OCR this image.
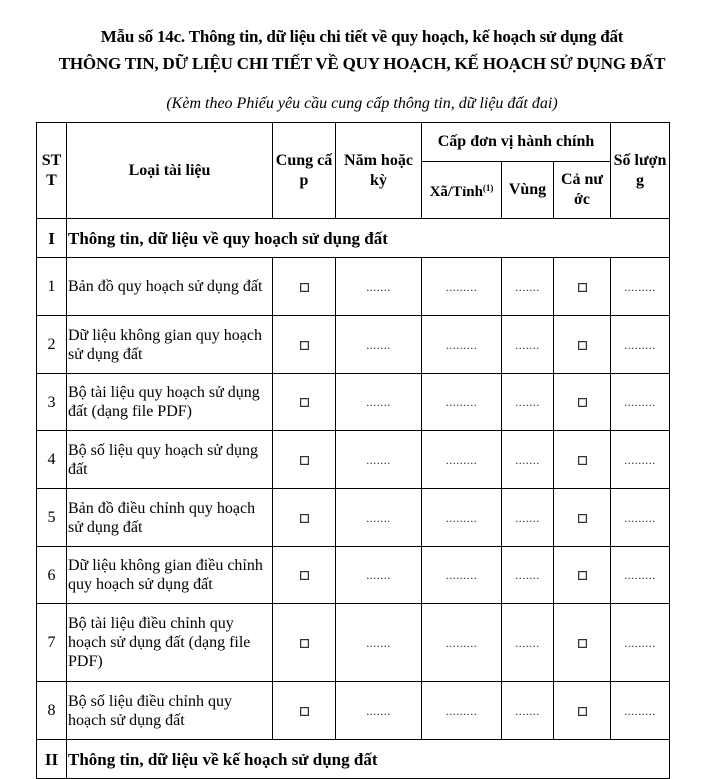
Mẫu số 14c. Thông tin, dữ liệu chi tiết về quy hoạch, kế hoạch sử dụng đất
THÔNG TIN, DỮ LIỆU CHI TIẾT VỀ QUY HOẠCH, KẾ HOẠCH SỬ DỤNG ĐẤT
(Kèm theo Phiếu yêu cầu cung cấp thông tin, dữ liệu đất đai)
STT	Loại tài liệu	Cung cấp	Năm hoặc kỳ	Cấp đơn vị hành chính			Số lượng
				Xã/Tỉnh$^{(1)}$	Vùng	Cả nước	
I	Thông tin, dữ liệu về quy hoạch sử dụng đất						
1	Bản đồ quy hoạch sử dụng đất		.......	.........	.......		.........
2	Dữ liệu không gian quy hoạch sử dụng đất		.......	.........	.......		.........
3	Bộ tài liệu quy hoạch sử dụng đất (dạng file PDF)		.......	.........	.......		.........
4	Bộ số liệu quy hoạch sử dụng đất		.......	.........	.......		.........
5	Bản đồ điều chỉnh quy hoạch sử dụng đất		.......	.........	.......		.........
6	Dữ liệu không gian điều chỉnh quy hoạch sử dụng đất		.......	.........	.......		.........
7	Bộ tài liệu điều chỉnh quy hoạch sử dụng đất (dạng file PDF)		.......	.........	.......		.........
8	Bộ số liệu điều chỉnh quy hoạch sử dụng đất		.......	.........	.......		.........
II	Thông tin, dữ liệu về kế hoạch sử dụng đất						
